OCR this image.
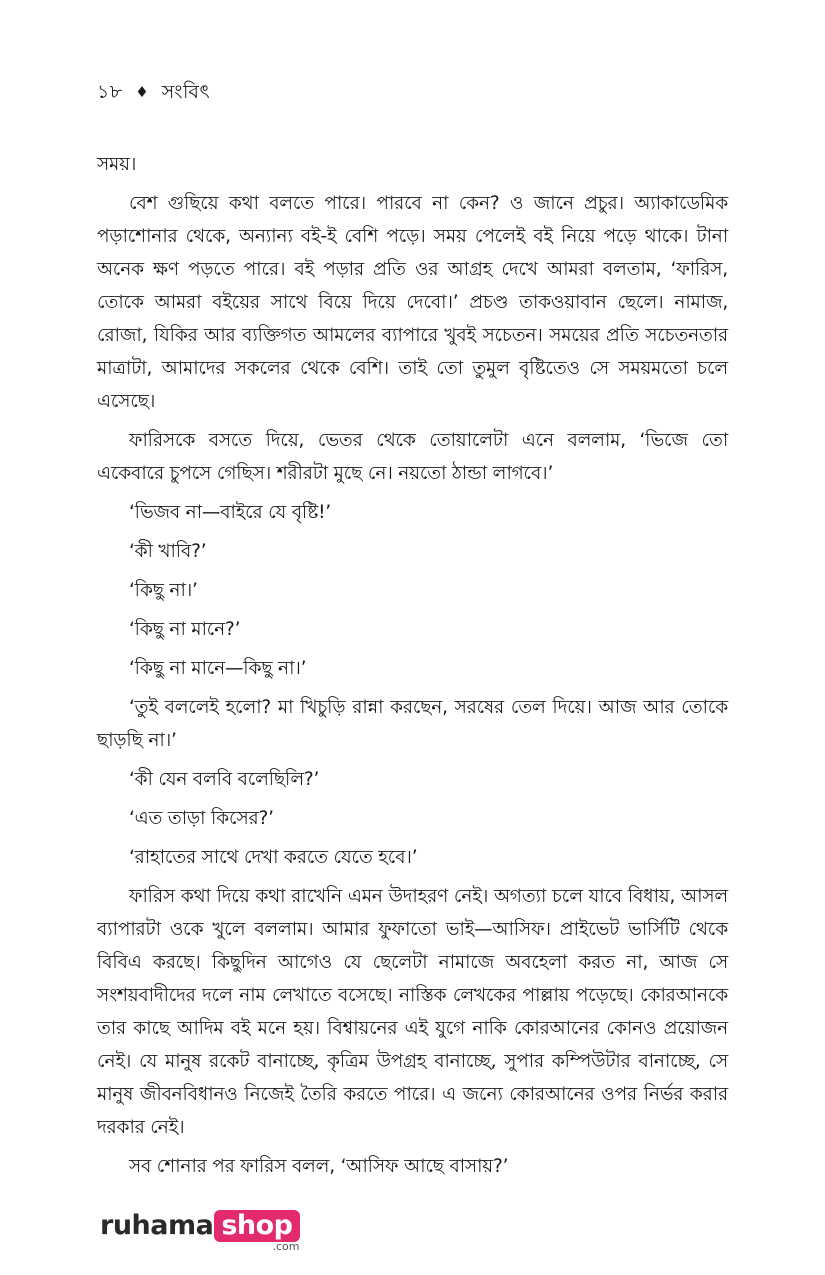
১৮ ♦ সংবিৎ

সময়।

বেশ গুছিয়ে কথা বলতে পারে। পারবে না কেন? ও জানে প্রচুর। অ্যাকাডেমিক পড়াশোনার থেকে, অন্যান্য বই-ই বেশি পড়ে। সময় পেলেই বই নিয়ে পড়ে থাকে। টানা অনেক ক্ষণ পড়তে পারে। বই পড়ার প্রতি ওর আগ্রহ দেখে আমরা বলতাম, ‘ফারিস, তোকে আমরা বইয়ের সাথে বিয়ে দিয়ে দেবো।’ প্রচণ্ড তাকওয়াবান ছেলে। নামাজ, রোজা, যিকির আর ব্যক্তিগত আমলের ব্যাপারে খুবই সচেতন। সময়ের প্রতি সচেতনতার মাত্রাটা, আমাদের সকলের থেকে বেশি। তাই তো তুমুল বৃষ্টিতেও সে সময়মতো চলে এসেছে।

ফারিসকে বসতে দিয়ে, ভেতর থেকে তোয়ালেটা এনে বললাম, ‘ভিজে তো একেবারে চুপসে গেছিস। শরীরটা মুছে নে। নয়তো ঠান্ডা লাগবে।’

‘ভিজব না—বাইরে যে বৃষ্টি!’

‘কী খাবি?’

‘কিছু না।’

‘কিছু না মানে?’

‘কিছু না মানে—কিছু না।’

‘তুই বললেই হলো? মা খিচুড়ি রান্না করছেন, সরষের তেল দিয়ে। আজ আর তোকে ছাড়ছি না।’

‘কী যেন বলবি বলেছিলি?’

‘এত তাড়া কিসের?’

‘রাহাতের সাথে দেখা করতে যেতে হবে।’

ফারিস কথা দিয়ে কথা রাখেনি এমন উদাহরণ নেই। অগত্যা চলে যাবে বিধায়, আসল ব্যাপারটা ওকে খুলে বললাম। আমার ফুফাতো ভাই—আসিফ। প্রাইভেট ভার্সিটি থেকে বিবিএ করছে। কিছুদিন আগেও যে ছেলেটা নামাজে অবহেলা করত না, আজ সে সংশয়বাদীদের দলে নাম লেখাতে বসেছে। নাস্তিক লেখকের পাল্লায় পড়েছে। কোরআনকে তার কাছে আদিম বই মনে হয়। বিশ্বায়নের এই যুগে নাকি কোরআনের কোনও প্রয়োজন নেই। যে মানুষ রকেট বানাচ্ছে, কৃত্রিম উপগ্রহ বানাচ্ছে, সুপার কম্পিউটার বানাচ্ছে, সে মানুষ জীবনবিধানও নিজেই তৈরি করতে পারে। এ জন্যে কোরআনের ওপর নির্ভর করার দরকার নেই।

সব শোনার পর ফারিস বলল, ‘আসিফ আছে বাসায়?’

ruhama shop
.com
